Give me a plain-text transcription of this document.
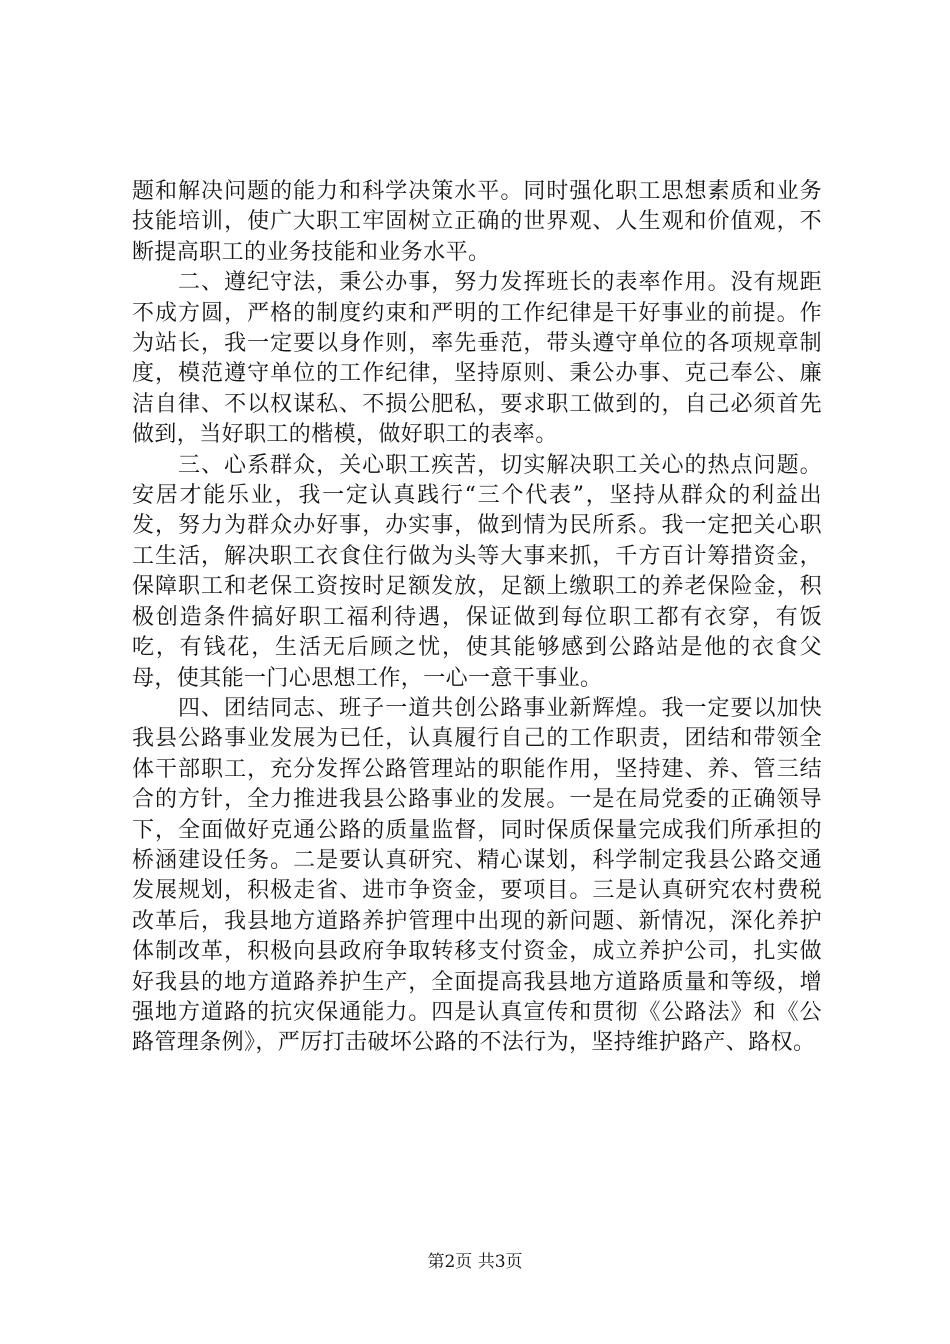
题和解决问题的能力和科学决策水平。同时强化职工思想素质和业务技能培训，使广大职工牢固树立正确的世界观、人生观和价值观，不断提高职工的业务技能和业务水平。

二、遵纪守法，秉公办事，努力发挥班长的表率作用。没有规距不成方圆，严格的制度约束和严明的工作纪律是干好事业的前提。作为站长，我一定要以身作则，率先垂范，带头遵守单位的各项规章制度，模范遵守单位的工作纪律，坚持原则、秉公办事、克己奉公、廉洁自律、不以权谋私、不损公肥私，要求职工做到的，自己必须首先做到，当好职工的楷模，做好职工的表率。

三、心系群众，关心职工疾苦，切实解决职工关心的热点问题。安居才能乐业，我一定认真践行“三个代表”，坚持从群众的利益出发，努力为群众办好事，办实事，做到情为民所系。我一定把关心职工生活，解决职工衣食住行做为头等大事来抓，千方百计筹措资金，保障职工和老保工资按时足额发放，足额上缴职工的养老保险金，积极创造条件搞好职工福利待遇，保证做到每位职工都有衣穿，有饭吃，有钱花，生活无后顾之忧，使其能够感到公路站是他的衣食父母，使其能一门心思想工作，一心一意干事业。

四、团结同志、班子一道共创公路事业新辉煌。我一定要以加快我县公路事业发展为已任，认真履行自己的工作职责，团结和带领全体干部职工，充分发挥公路管理站的职能作用，坚持建、养、管三结合的方针，全力推进我县公路事业的发展。一是在局党委的正确领导下，全面做好克通公路的质量监督，同时保质保量完成我们所承担的桥涵建设任务。二是要认真研究、精心谋划，科学制定我县公路交通发展规划，积极走省、进市争资金，要项目。三是认真研究农村费税改革后，我县地方道路养护管理中出现的新问题、新情况，深化养护体制改革，积极向县政府争取转移支付资金，成立养护公司，扎实做好我县的地方道路养护生产，全面提高我县地方道路质量和等级，增强地方道路的抗灾保通能力。四是认真宣传和贯彻《公路法》和《公路管理条例》，严厉打击破坏公路的不法行为，坚持维护路产、路权。

第2页 共3页
